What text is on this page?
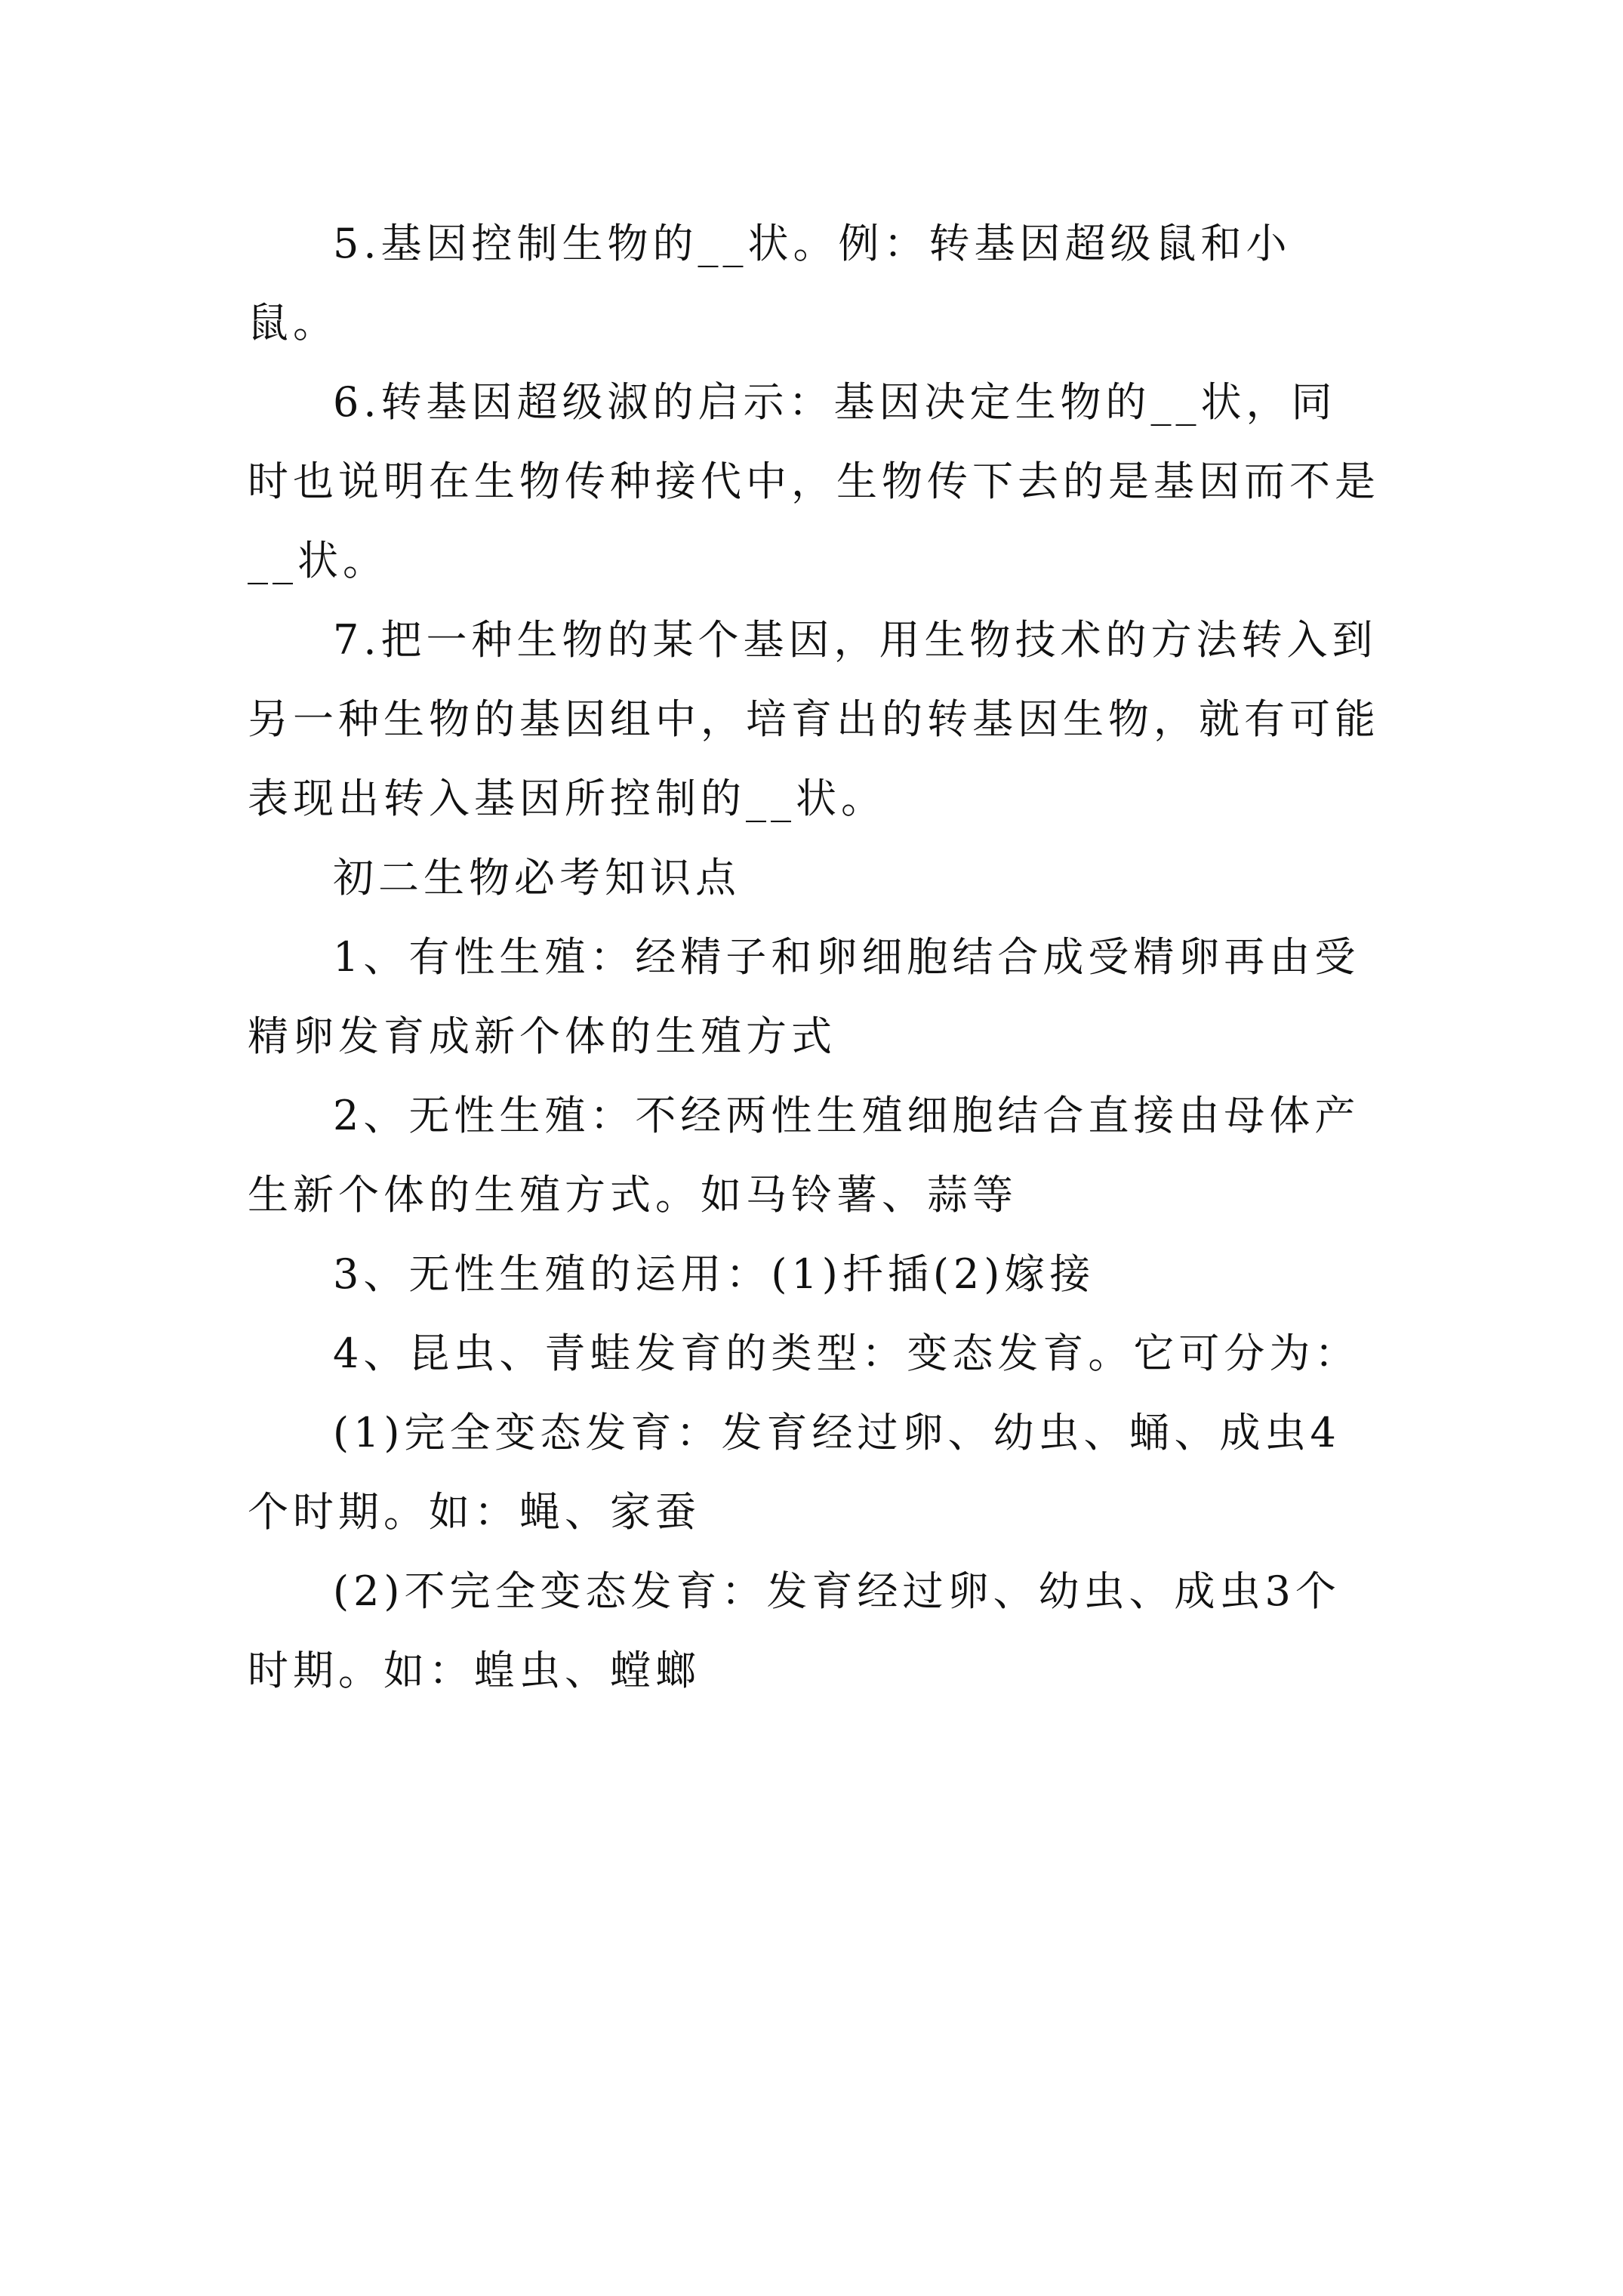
5.基因控制生物的__状。例：转基因超级鼠和小鼠。

6.转基因超级淑的启示：基因决定生物的__状，同时也说明在生物传种接代中，生物传下去的是基因而不是__状。

7.把一种生物的某个基因，用生物技术的方法转入到另一种生物的基因组中，培育出的转基因生物，就有可能表现出转入基因所控制的__状。

初二生物必考知识点

1、有性生殖：经精子和卵细胞结合成受精卵再由受精卵发育成新个体的生殖方式

2、无性生殖：不经两性生殖细胞结合直接由母体产生新个体的生殖方式。如马铃薯、蒜等

3、无性生殖的运用：(1)扦插(2)嫁接

4、昆虫、青蛙发育的类型：变态发育。它可分为：

(1)完全变态发育：发育经过卵、幼虫、蛹、成虫4个时期。如：蝇、家蚕

(2)不完全变态发育：发育经过卵、幼虫、成虫3个时期。如：蝗虫、螳螂
